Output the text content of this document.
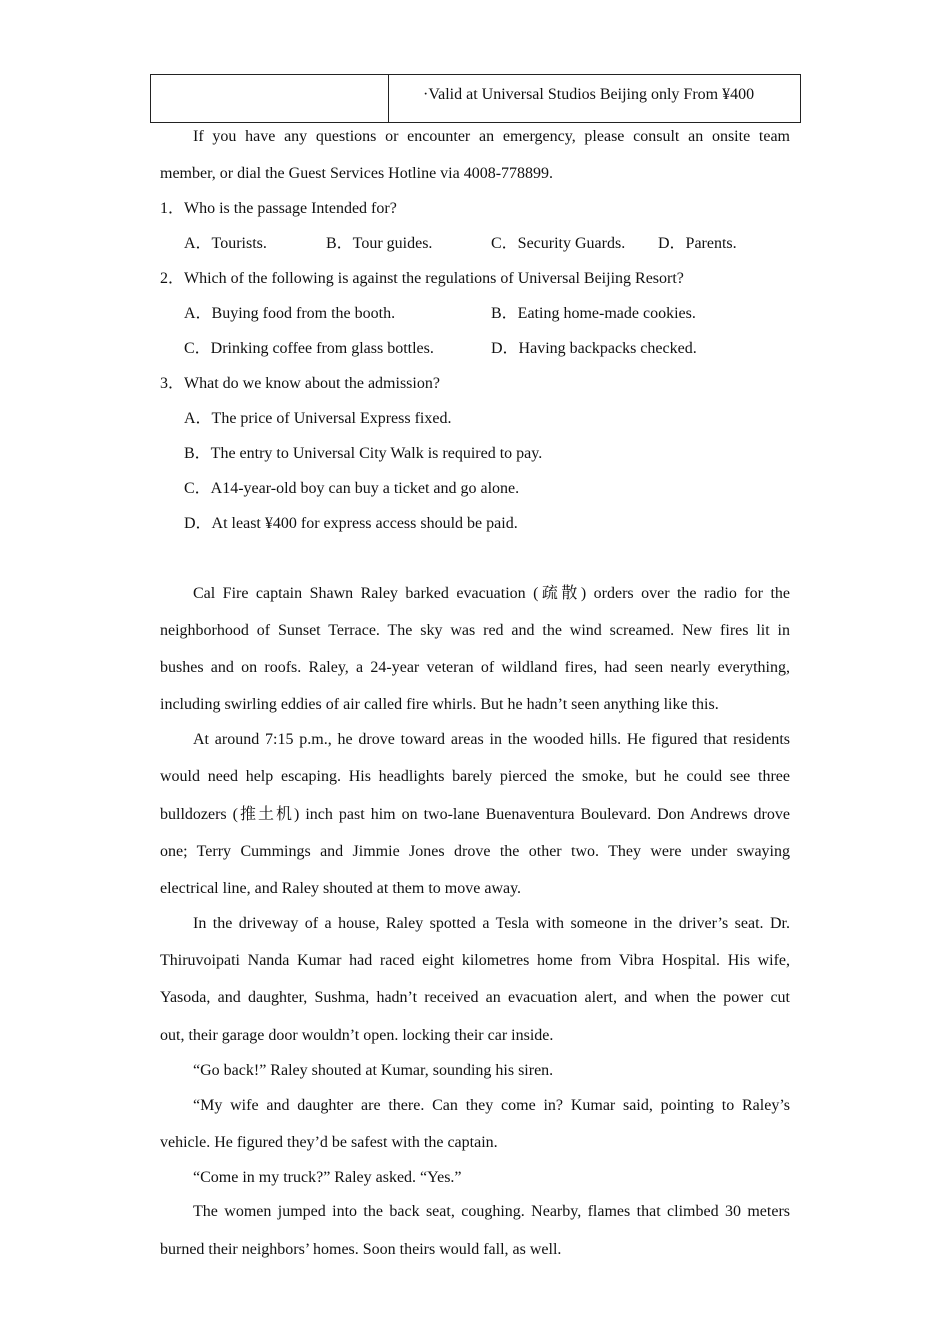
·Valid at Universal Studios Beijing only From ¥400
If you have any questions or encounter an emergency, please consult an onsite team
member, or dial the Guest Services Hotline via 4008-778899.
1．Who is the passage Intended for?
A．Tourists.	B．Tour guides.	C．Security Guards. D．Parents.
2．Which of the following is against the regulations of Universal Beijing Resort?
A．Buying food from the booth.	B．Eating home-made cookies.
C．Drinking coffee from glass bottles.	D．Having backpacks checked.
3．What do we know about the admission?
A．The price of Universal Express fixed.
B．The entry to Universal City Walk is required to pay.
C．A14-year-old boy can buy a ticket and go alone.
D．At least ¥400 for express access should be paid.
Cal Fire captain Shawn Raley barked evacuation (疏散) orders over the radio for the
neighborhood of Sunset Terrace. The sky was red and the wind screamed. New fires lit in
bushes and on roofs. Raley, a 24-year veteran of wildland fires, had seen nearly everything,
including swirling eddies of air called fire whirls. But he hadn’t seen anything like this.
At around 7:15 p.m., he drove toward areas in the wooded hills. He figured that residents
would need help escaping. His headlights barely pierced the smoke, but he could see three
bulldozers (推土机) inch past him on two-lane Buenaventura Boulevard. Don Andrews drove
one; Terry Cummings and Jimmie Jones drove the other two. They were under swaying
electrical line, and Raley shouted at them to move away.
In the driveway of a house, Raley spotted a Tesla with someone in the driver’s seat. Dr.
Thiruvoipati Nanda Kumar had raced eight kilometres home from Vibra Hospital. His wife,
Yasoda, and daughter, Sushma, hadn’t received an evacuation alert, and when the power cut
out, their garage door wouldn’t open. locking their car inside.
“Go back!” Raley shouted at Kumar, sounding his siren.
“My wife and daughter are there. Can they come in? Kumar said, pointing to Raley’s
vehicle. He figured they’d be safest with the captain.
“Come in my truck?” Raley asked. “Yes.”
The women jumped into the back seat, coughing. Nearby, flames that climbed 30 meters
burned their neighbors’ homes. Soon theirs would fall, as well.
